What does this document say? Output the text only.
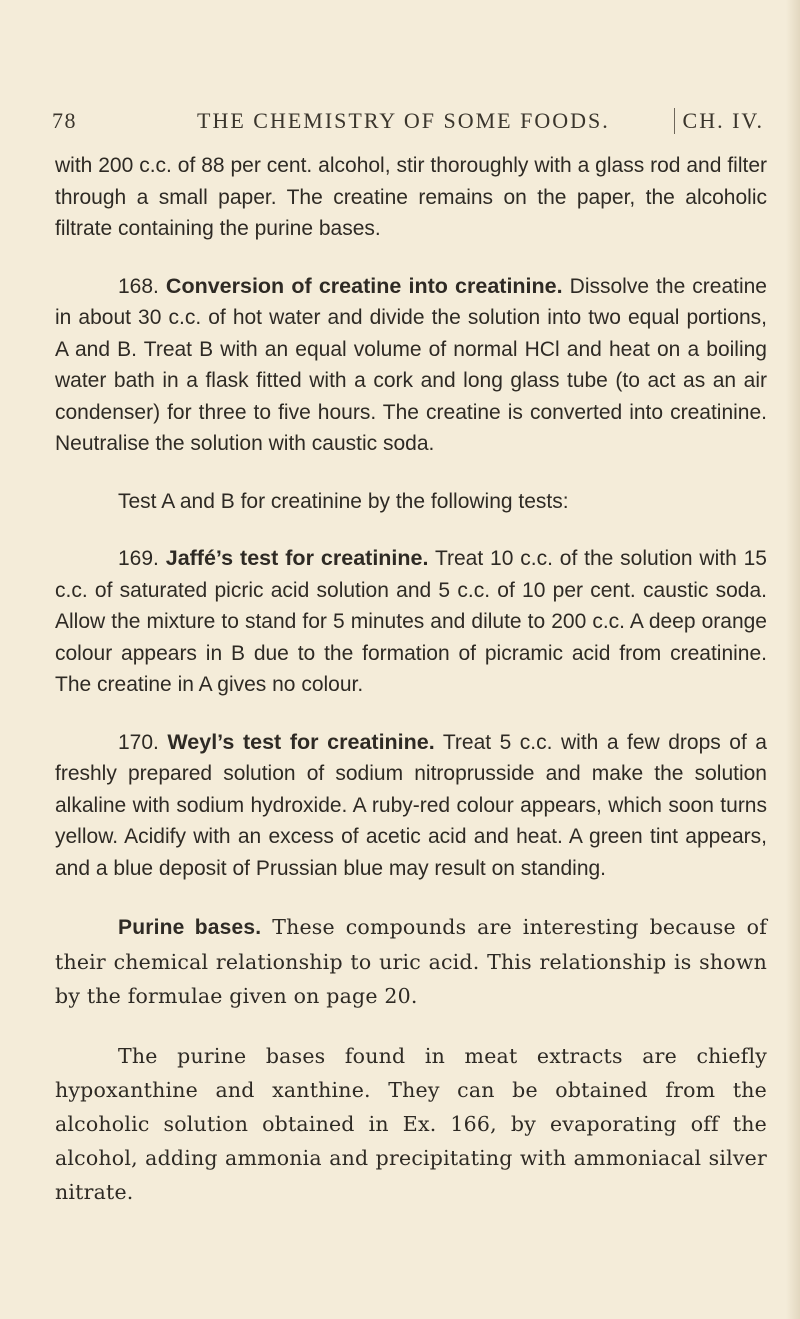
78	THE CHEMISTRY OF SOME FOODS.	CH. IV.

with 200 c.c. of 88 per cent. alcohol, stir thoroughly with a glass rod and filter through a small paper. The creatine remains on the paper, the alcoholic filtrate containing the purine bases.

168. Conversion of creatine into creatinine. Dissolve the creatine in about 30 c.c. of hot water and divide the solution into two equal portions, A and B. Treat B with an equal volume of normal HCl and heat on a boiling water bath in a flask fitted with a cork and long glass tube (to act as an air condenser) for three to five hours. The creatine is converted into creatinine. Neutralise the solution with caustic soda.

Test A and B for creatinine by the following tests:

169. Jaffé’s test for creatinine. Treat 10 c.c. of the solution with 15 c.c. of saturated picric acid solution and 5 c.c. of 10 per cent. caustic soda. Allow the mixture to stand for 5 minutes and dilute to 200 c.c. A deep orange colour appears in B due to the formation of picramic acid from creatinine. The creatine in A gives no colour.

170. Weyl’s test for creatinine. Treat 5 c.c. with a few drops of a freshly prepared solution of sodium nitroprusside and make the solution alkaline with sodium hydroxide. A ruby-red colour appears, which soon turns yellow. Acidify with an excess of acetic acid and heat. A green tint appears, and a blue deposit of Prussian blue may result on standing.

Purine bases. These compounds are interesting because of their chemical relationship to uric acid. This relationship is shown by the formulae given on page 20.

The purine bases found in meat extracts are chiefly hypoxanthine and xanthine. They can be obtained from the alcoholic solution obtained in Ex. 166, by evaporating off the alcohol, adding ammonia and precipitating with ammoniacal silver nitrate.
